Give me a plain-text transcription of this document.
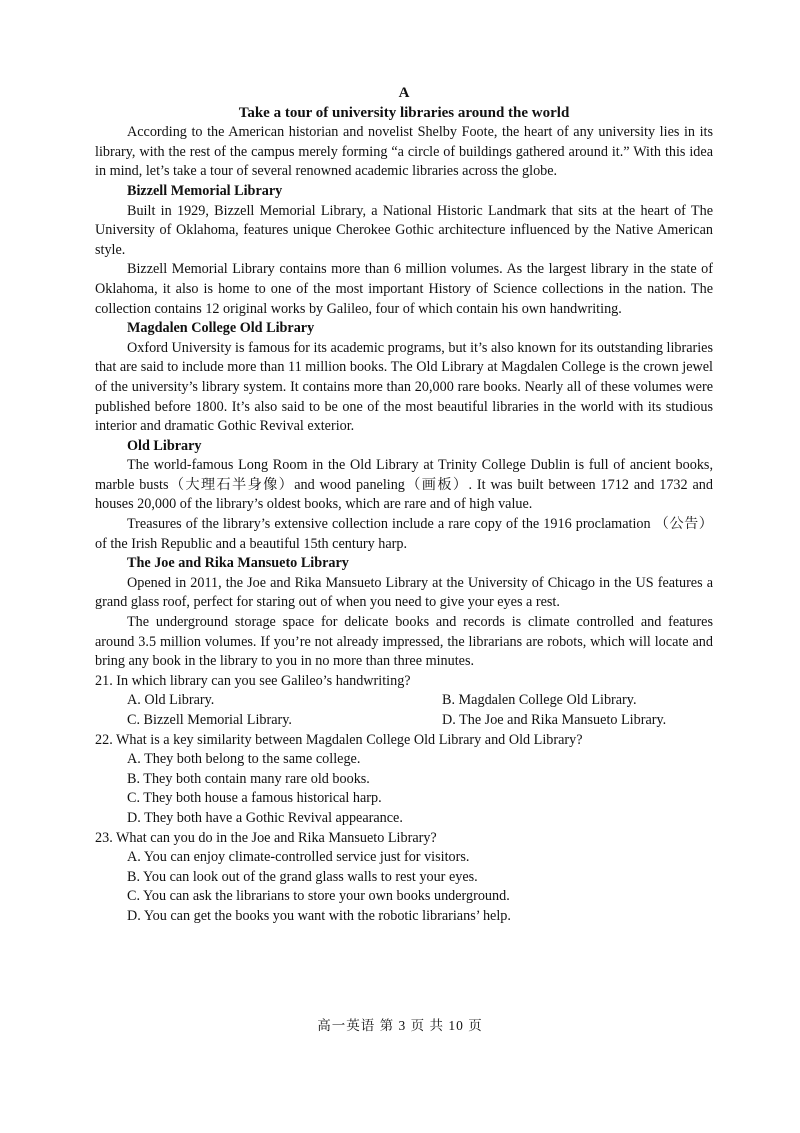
A
Take a tour of university libraries around the world

According to the American historian and novelist Shelby Foote, the heart of any university lies in its library, with the rest of the campus merely forming “a circle of buildings gathered around it.” With this idea in mind, let’s take a tour of several renowned academic libraries across the globe.

Bizzell Memorial Library

Built in 1929, Bizzell Memorial Library, a National Historic Landmark that sits at the heart of The University of Oklahoma, features unique Cherokee Gothic architecture influenced by the Native American style.

Bizzell Memorial Library contains more than 6 million volumes. As the largest library in the state of Oklahoma, it also is home to one of the most important History of Science collections in the nation. The collection contains 12 original works by Galileo, four of which contain his own handwriting.

Magdalen College Old Library

Oxford University is famous for its academic programs, but it’s also known for its outstanding libraries that are said to include more than 11 million books. The Old Library at Magdalen College is the crown jewel of the university’s library system. It contains more than 20,000 rare books. Nearly all of these volumes were published before 1800. It’s also said to be one of the most beautiful libraries in the world with its studious interior and dramatic Gothic Revival exterior.

Old Library

The world-famous Long Room in the Old Library at Trinity College Dublin is full of ancient books, marble busts（大理石半身像）and wood paneling（画板）. It was built between 1712 and 1732 and houses 20,000 of the library’s oldest books, which are rare and of high value.

Treasures of the library’s extensive collection include a rare copy of the 1916 proclamation （公告）of the Irish Republic and a beautiful 15th century harp.

The Joe and Rika Mansueto Library

Opened in 2011, the Joe and Rika Mansueto Library at the University of Chicago in the US features a grand glass roof, perfect for staring out of when you need to give your eyes a rest.

The underground storage space for delicate books and records is climate controlled and features around 3.5 million volumes. If you’re not already impressed, the librarians are robots, which will locate and bring any book in the library to you in no more than three minutes.

21. In which library can you see Galileo’s handwriting?
A. Old Library.	B. Magdalen College Old Library.
C. Bizzell Memorial Library.	D. The Joe and Rika Mansueto Library.
22. What is a key similarity between Magdalen College Old Library and Old Library?
A. They both belong to the same college.
B. They both contain many rare old books.
C. They both house a famous historical harp.
D. They both have a Gothic Revival appearance.
23. What can you do in the Joe and Rika Mansueto Library?
A. You can enjoy climate-controlled service just for visitors.
B. You can look out of the grand glass walls to rest your eyes.
C. You can ask the librarians to store your own books underground.
D. You can get the books you want with the robotic librarians’ help.
高一英语 第 3 页 共 10 页
